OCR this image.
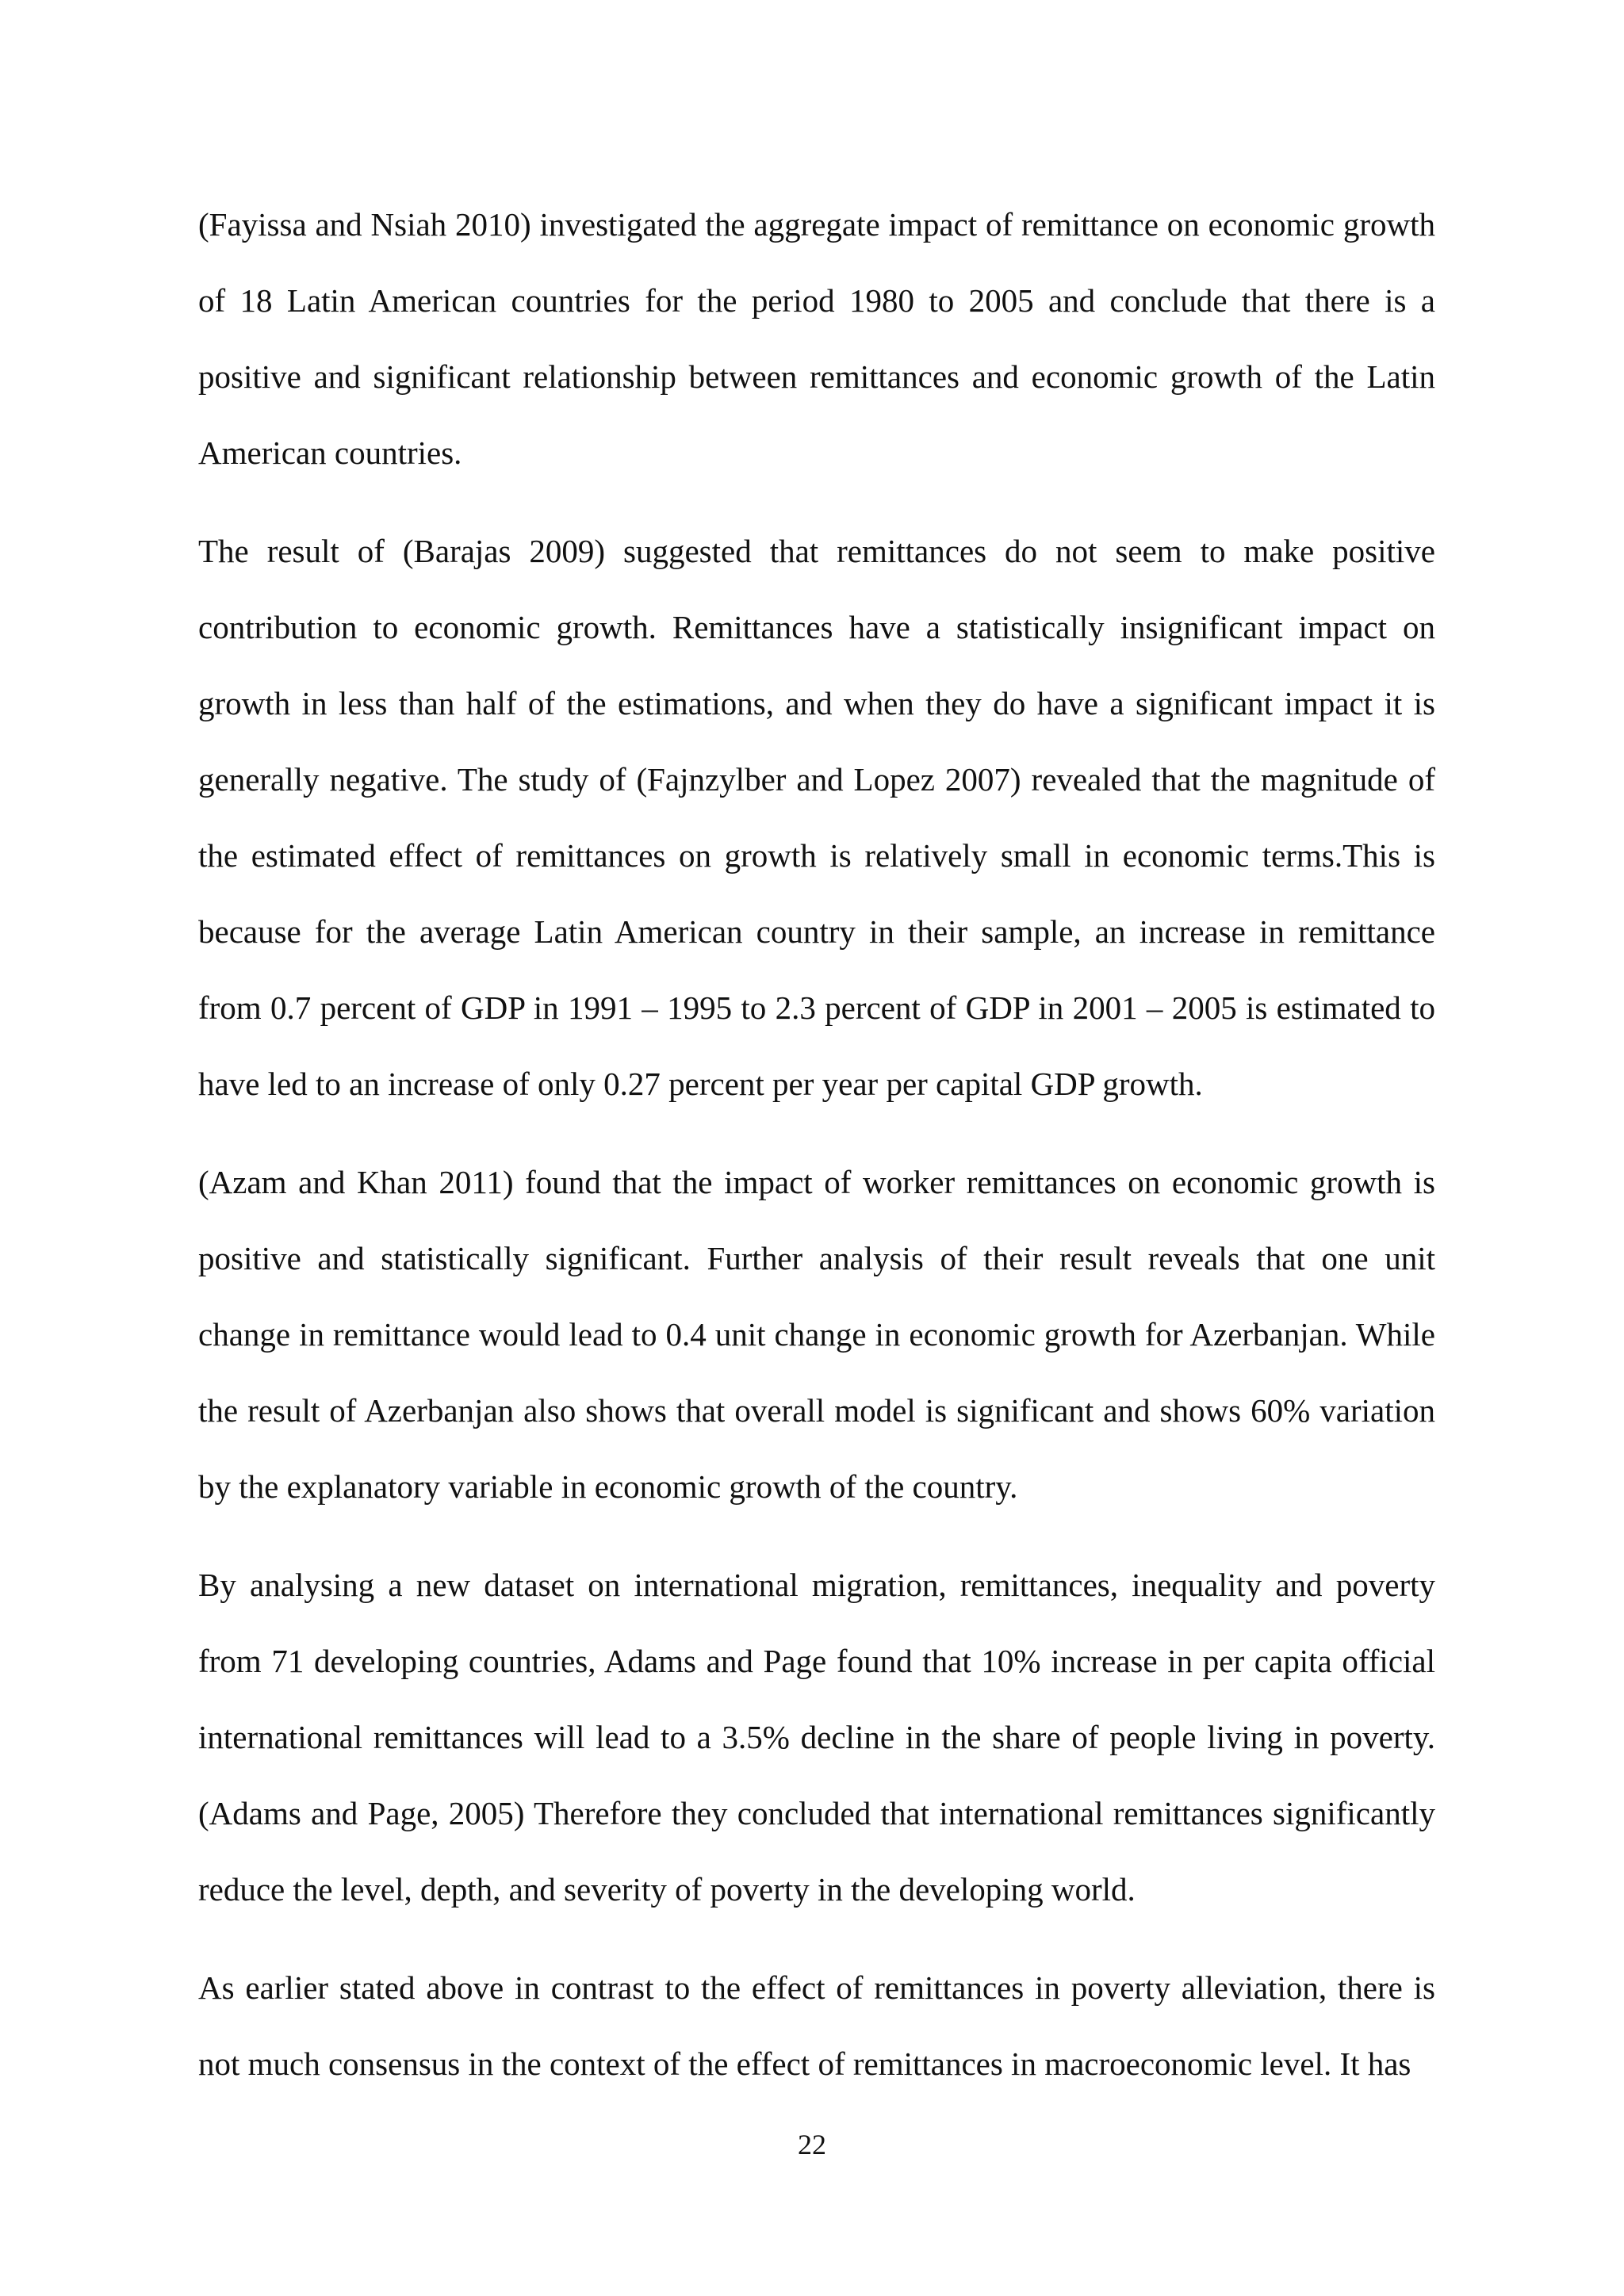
(Fayissa and Nsiah 2010) investigated the aggregate impact of remittance on economic growth of 18 Latin American countries for the period 1980 to 2005 and conclude that there is a positive and significant relationship between remittances and economic growth of the Latin American countries.

The result of (Barajas 2009) suggested that remittances do not seem to make positive contribution to economic growth. Remittances have a statistically insignificant impact on growth in less than half of the estimations, and when they do have a significant impact it is generally negative. The study of (Fajnzylber and Lopez 2007) revealed that the magnitude of the estimated effect of remittances on growth is relatively small in economic terms.This is because for the average Latin American country in their sample, an increase in remittance from 0.7 percent of GDP in 1991 – 1995 to 2.3 percent of GDP in 2001 – 2005 is estimated to have led to an increase of only 0.27 percent per year per capital GDP growth.

(Azam and Khan 2011) found that the impact of worker remittances on economic growth is positive and statistically significant. Further analysis of their result reveals that one unit change in remittance would lead to 0.4 unit change in economic growth for Azerbanjan. While the result of Azerbanjan also shows that overall model is significant and shows 60% variation by the explanatory variable in economic growth of the country.

By analysing a new dataset on international migration, remittances, inequality and poverty from 71 developing countries, Adams and Page found that 10% increase in per capita official international remittances will lead to a 3.5% decline in the share of people living in poverty. (Adams and Page, 2005) Therefore they concluded that international remittances significantly reduce the level, depth, and severity of poverty in the developing world.

As earlier stated above in contrast to the effect of remittances in poverty alleviation, there is not much consensus in the context of the effect of remittances in macroeconomic level. It has

22
